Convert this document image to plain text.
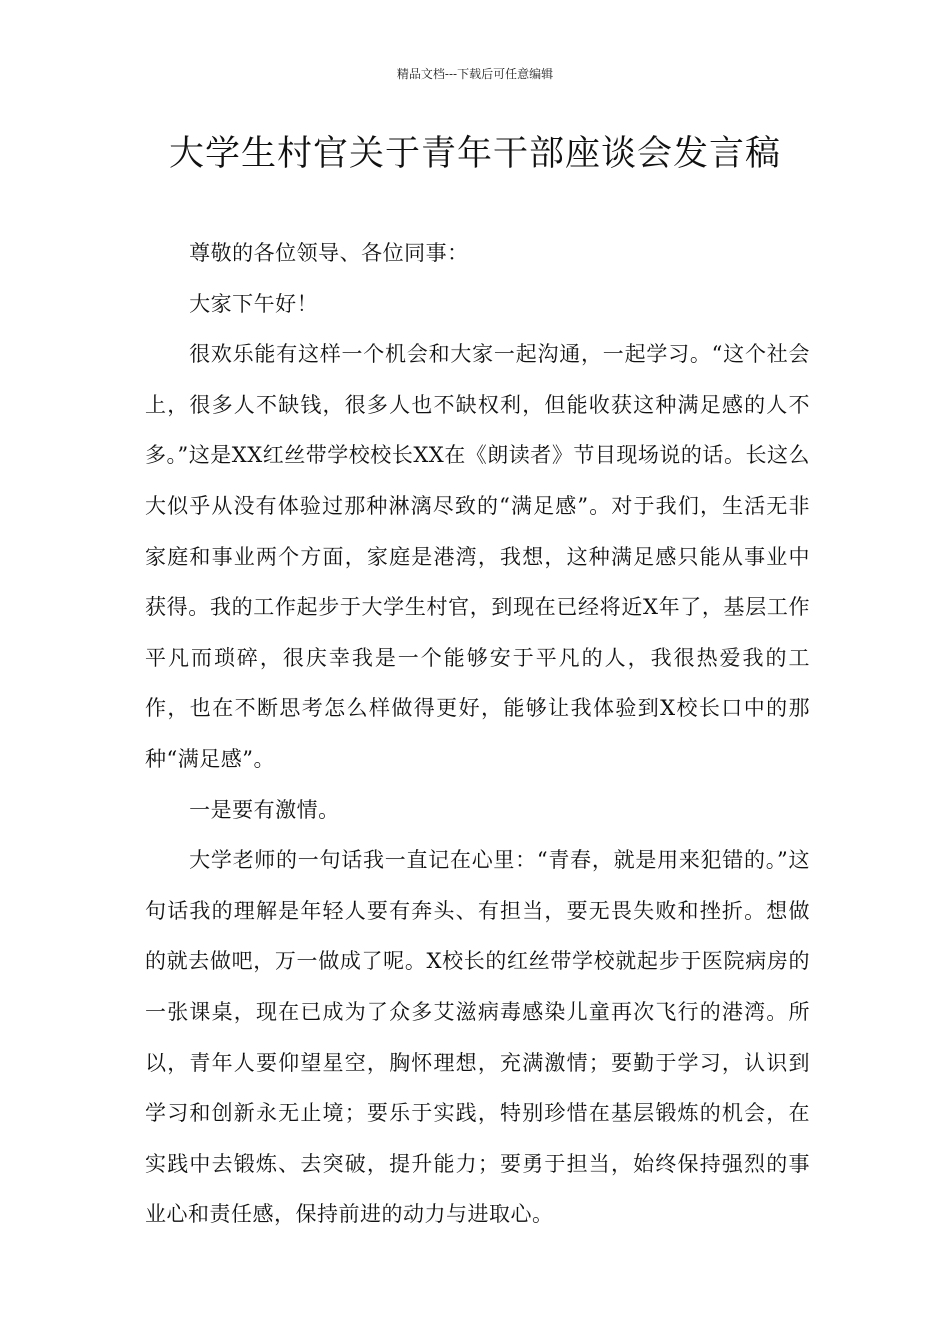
精品文档---下载后可任意编辑
大学生村官关于青年干部座谈会发言稿

尊敬的各位领导、各位同事：

大家下午好！

很欢乐能有这样一个机会和大家一起沟通，一起学习。“这个社会上，很多人不缺钱，很多人也不缺权利，但能收获这种满足感的人不多。”这是XX红丝带学校校长XX在《朗读者》节目现场说的话。长这么大似乎从没有体验过那种淋漓尽致的“满足感”。对于我们，生活无非家庭和事业两个方面，家庭是港湾，我想，这种满足感只能从事业中获得。我的工作起步于大学生村官，到现在已经将近X年了，基层工作平凡而琐碎，很庆幸我是一个能够安于平凡的人，我很热爱我的工作，也在不断思考怎么样做得更好，能够让我体验到X校长口中的那种“满足感”。

一是要有激情。

大学老师的一句话我一直记在心里：“青春，就是用来犯错的。”这句话我的理解是年轻人要有奔头、有担当，要无畏失败和挫折。想做的就去做吧，万一做成了呢。X校长的红丝带学校就起步于医院病房的一张课桌，现在已成为了众多艾滋病毒感染儿童再次飞行的港湾。所以，青年人要仰望星空，胸怀理想，充满激情；要勤于学习，认识到学习和创新永无止境；要乐于实践，特别珍惜在基层锻炼的机会，在实践中去锻炼、去突破，提升能力；要勇于担当，始终保持强烈的事业心和责任感，保持前进的动力与进取心。
